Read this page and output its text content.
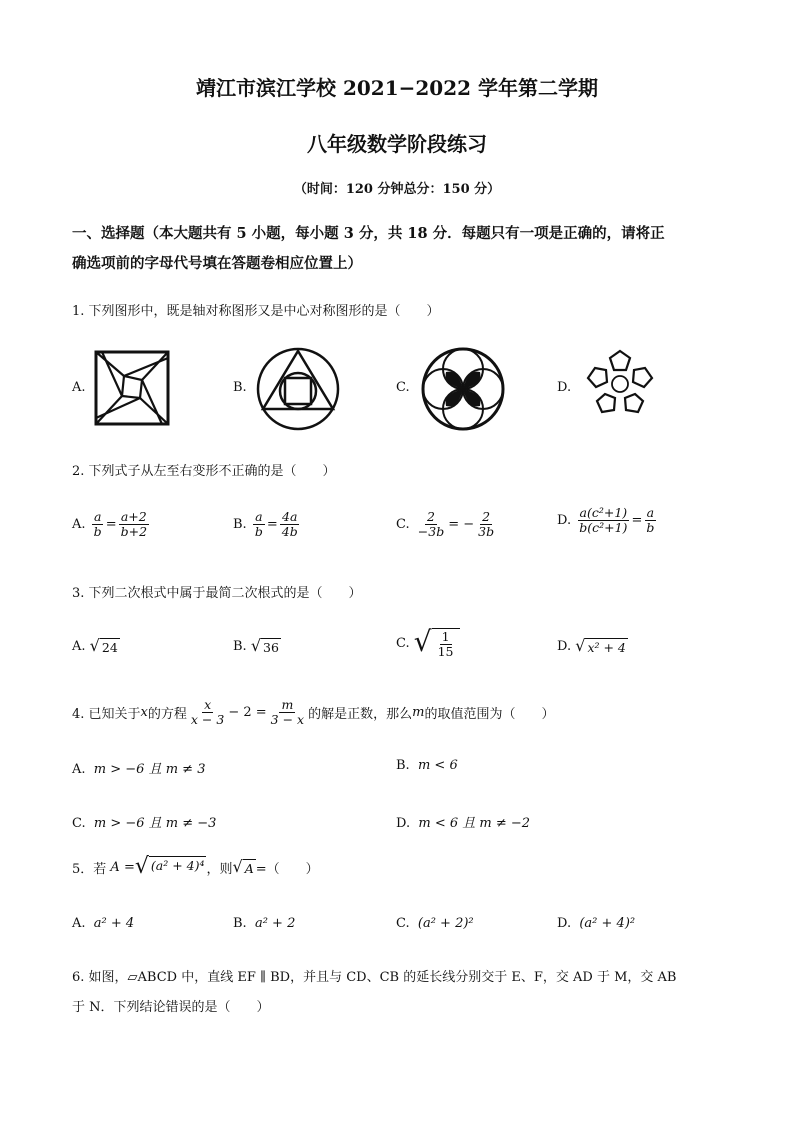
靖江市滨江学校 2021−2022 学年第二学期
八年级数学阶段练习
（时间：120 分钟总分：150 分）
一、选择题（本大题共有 5 小题，每小题 3 分，共 18 分．每题只有一项是正确的，请将正
确选项前的字母代号填在答题卷相应位置上）
1. 下列图形中，既是轴对称图形又是中心对称图形的是（　　）
A.	B.	C.	D.
2. 下列式子从左至右变形不正确的是（　　）
A.
$\frac{a}{b} = \frac{a+2}{b+2}$	B.
$\frac{a}{b} = \frac{4a}{4b}$	C.
$\frac{2}{-3b}$ = − $\frac{2}{3b}$	D.
$\frac{\text{a(c²+1)}}{\text{b(c²+1)}} = \frac{a}{b}$
3. 下列二次根式中属于最简二次根式的是（　　）
A.
√ 24	B.
√ 36	C.
√ $\frac{1}{15}$	D.
√ x² + 4
4. 已知关于 x 的方程 $\frac{x}{x - 3} - 2 = \frac{m}{3 - x}$ 的解是正数，那么 m 的取值范围为（　　）
A. m > −6 且 m ≠ 3	B. m < 6
C. m > −6 且 m ≠ −3	D. m < 6 且 m ≠ −2
5．若
A = √ (a² + 4)⁴ ，则 √ A =（　　）
A. a² + 4	B. a² + 2	C. (a² + 2)²	D. (a² + 4)²
6. 如图，▱ABCD 中，直线 EF ∥ BD，并且与 CD、CB 的延长线分别交于 E、F，交 AD 于 M，交 AB
于 N．下列结论错误的是（　　）
